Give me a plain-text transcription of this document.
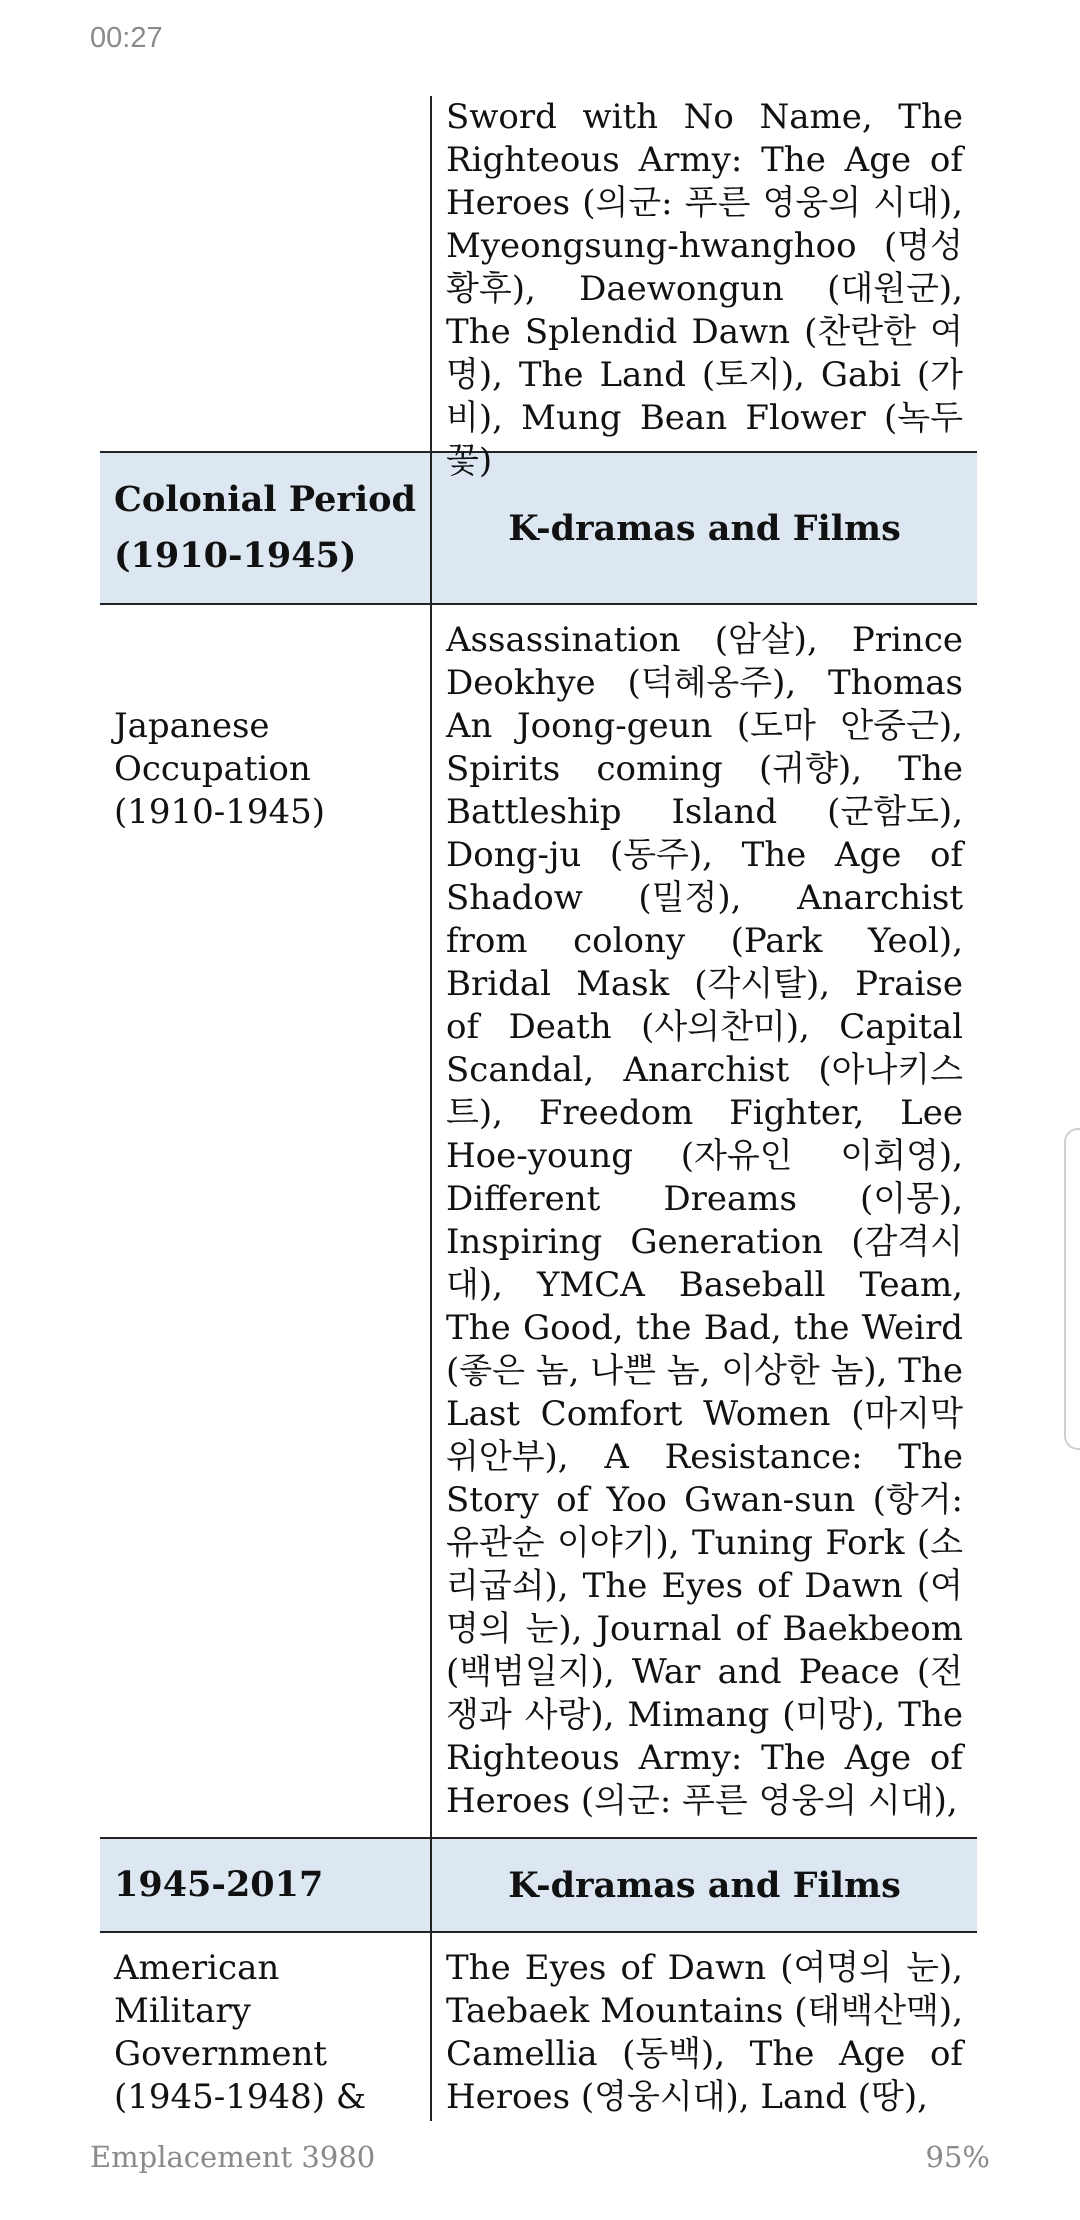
00:27
Sword with No Name, The Righteous Army: The Age of Heroes (의군: 푸른 영웅의 시대), Myeongsung-hwanghoo (명성황후), Daewongun (대원군), The Splendid Dawn (찬란한 여명), The Land (토지), Gabi (가비), Mung Bean Flower (녹두꽃)
Colonial Period (1910-1945)
K-dramas and Films
Japanese Occupation (1910-1945)
Assassination (암살), Prince Deokhye (덕혜옹주), Thomas An Joong-geun (도마 안중근), Spirits coming (귀향), The Battleship Island (군함도), Dong-ju (동주), The Age of Shadow (밀정), Anarchist from colony (Park Yeol), Bridal Mask (각시탈), Praise of Death (사의찬미), Capital Scandal, Anarchist (아나키스트), Freedom Fighter, Lee Hoe-young (자유인 이회영), Different Dreams (이몽), Inspiring Generation (감격시대), YMCA Baseball Team, The Good, the Bad, the Weird (좋은 놈, 나쁜 놈, 이상한 놈), The Last Comfort Women (마지막 위안부), A Resistance: The Story of Yoo Gwan-sun (항거: 유관순 이야기), Tuning Fork (소리굽쇠), The Eyes of Dawn (여명의 눈), Journal of Baekbeom (백범일지), War and Peace (전쟁과 사랑), Mimang (미망), The Righteous Army: The Age of Heroes (의군: 푸른 영웅의 시대),
1945-2017	K-dramas and Films
American Military Government (1945-1948) &
The Eyes of Dawn (여명의 눈), Taebaek Mountains (태백산맥), Camellia (동백), The Age of Heroes (영웅시대), Land (땅),
Emplacement 3980	95%
